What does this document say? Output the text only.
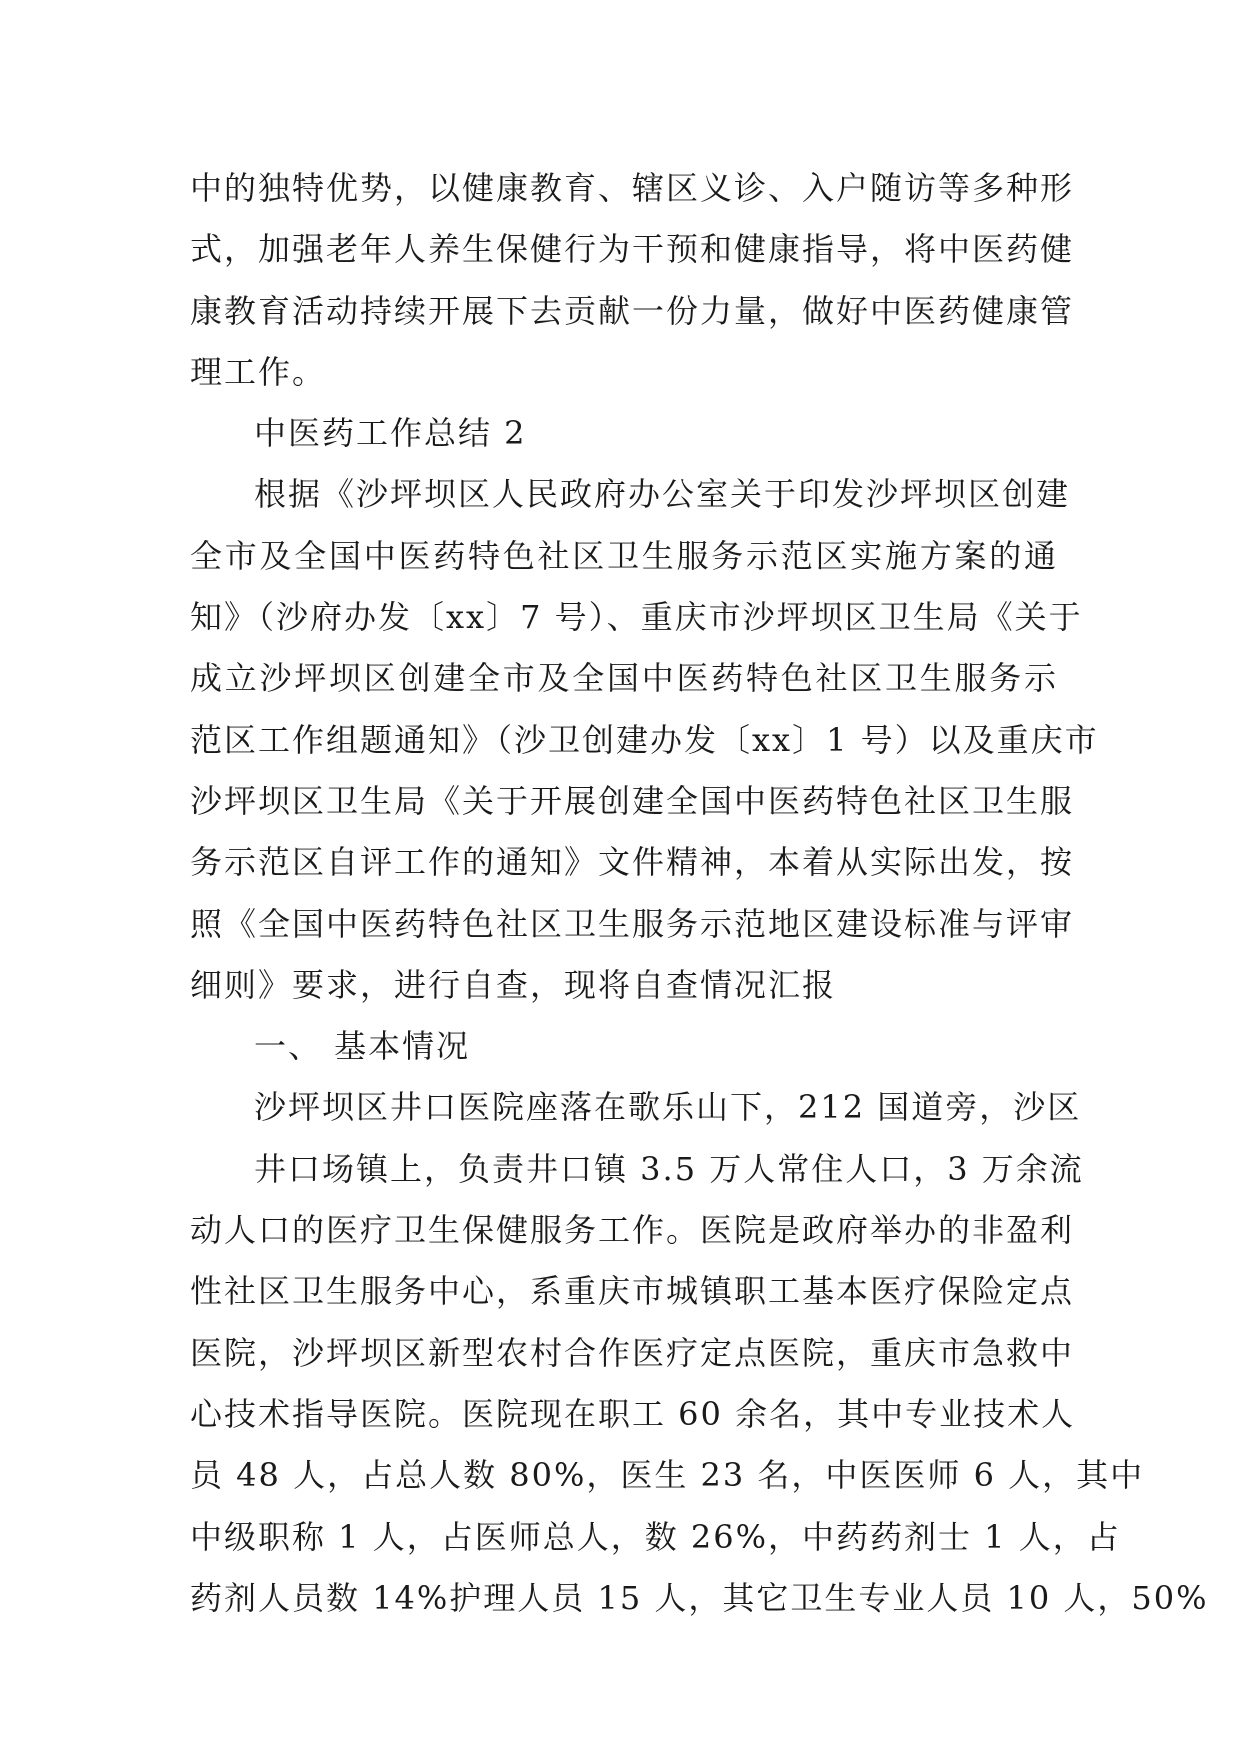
中的独特优势，以健康教育、辖区义诊、入户随访等多种形
式，加强老年人养生保健行为干预和健康指导，将中医药健
康教育活动持续开展下去贡献一份力量，做好中医药健康管
理工作。
中医药工作总结 2
根据《沙坪坝区人民政府办公室关于印发沙坪坝区创建
全市及全国中医药特色社区卫生服务示范区实施方案的通
知》（沙府办发〔xx〕7 号）、重庆市沙坪坝区卫生局《关于
成立沙坪坝区创建全市及全国中医药特色社区卫生服务示
范区工作组题通知》（沙卫创建办发〔xx〕1 号）以及重庆市
沙坪坝区卫生局《关于开展创建全国中医药特色社区卫生服
务示范区自评工作的通知》文件精神，本着从实际出发，按
照《全国中医药特色社区卫生服务示范地区建设标准与评审
细则》要求，进行自查，现将自查情况汇报
一、 基本情况
沙坪坝区井口医院座落在歌乐山下，212 国道旁，沙区
井口场镇上，负责井口镇 3.5 万人常住人口，3 万余流
动人口的医疗卫生保健服务工作。医院是政府举办的非盈利
性社区卫生服务中心，系重庆市城镇职工基本医疗保险定点
医院，沙坪坝区新型农村合作医疗定点医院，重庆市急救中
心技术指导医院。医院现在职工 60 余名，其中专业技术人
员 48 人，占总人数 80%，医生 23 名，中医医师 6 人，其中
中级职称 1 人，占医师总人，数 26%，中药药剂士 1 人，占
药剂人员数 14%护理人员 15 人，其它卫生专业人员 10 人，50%
